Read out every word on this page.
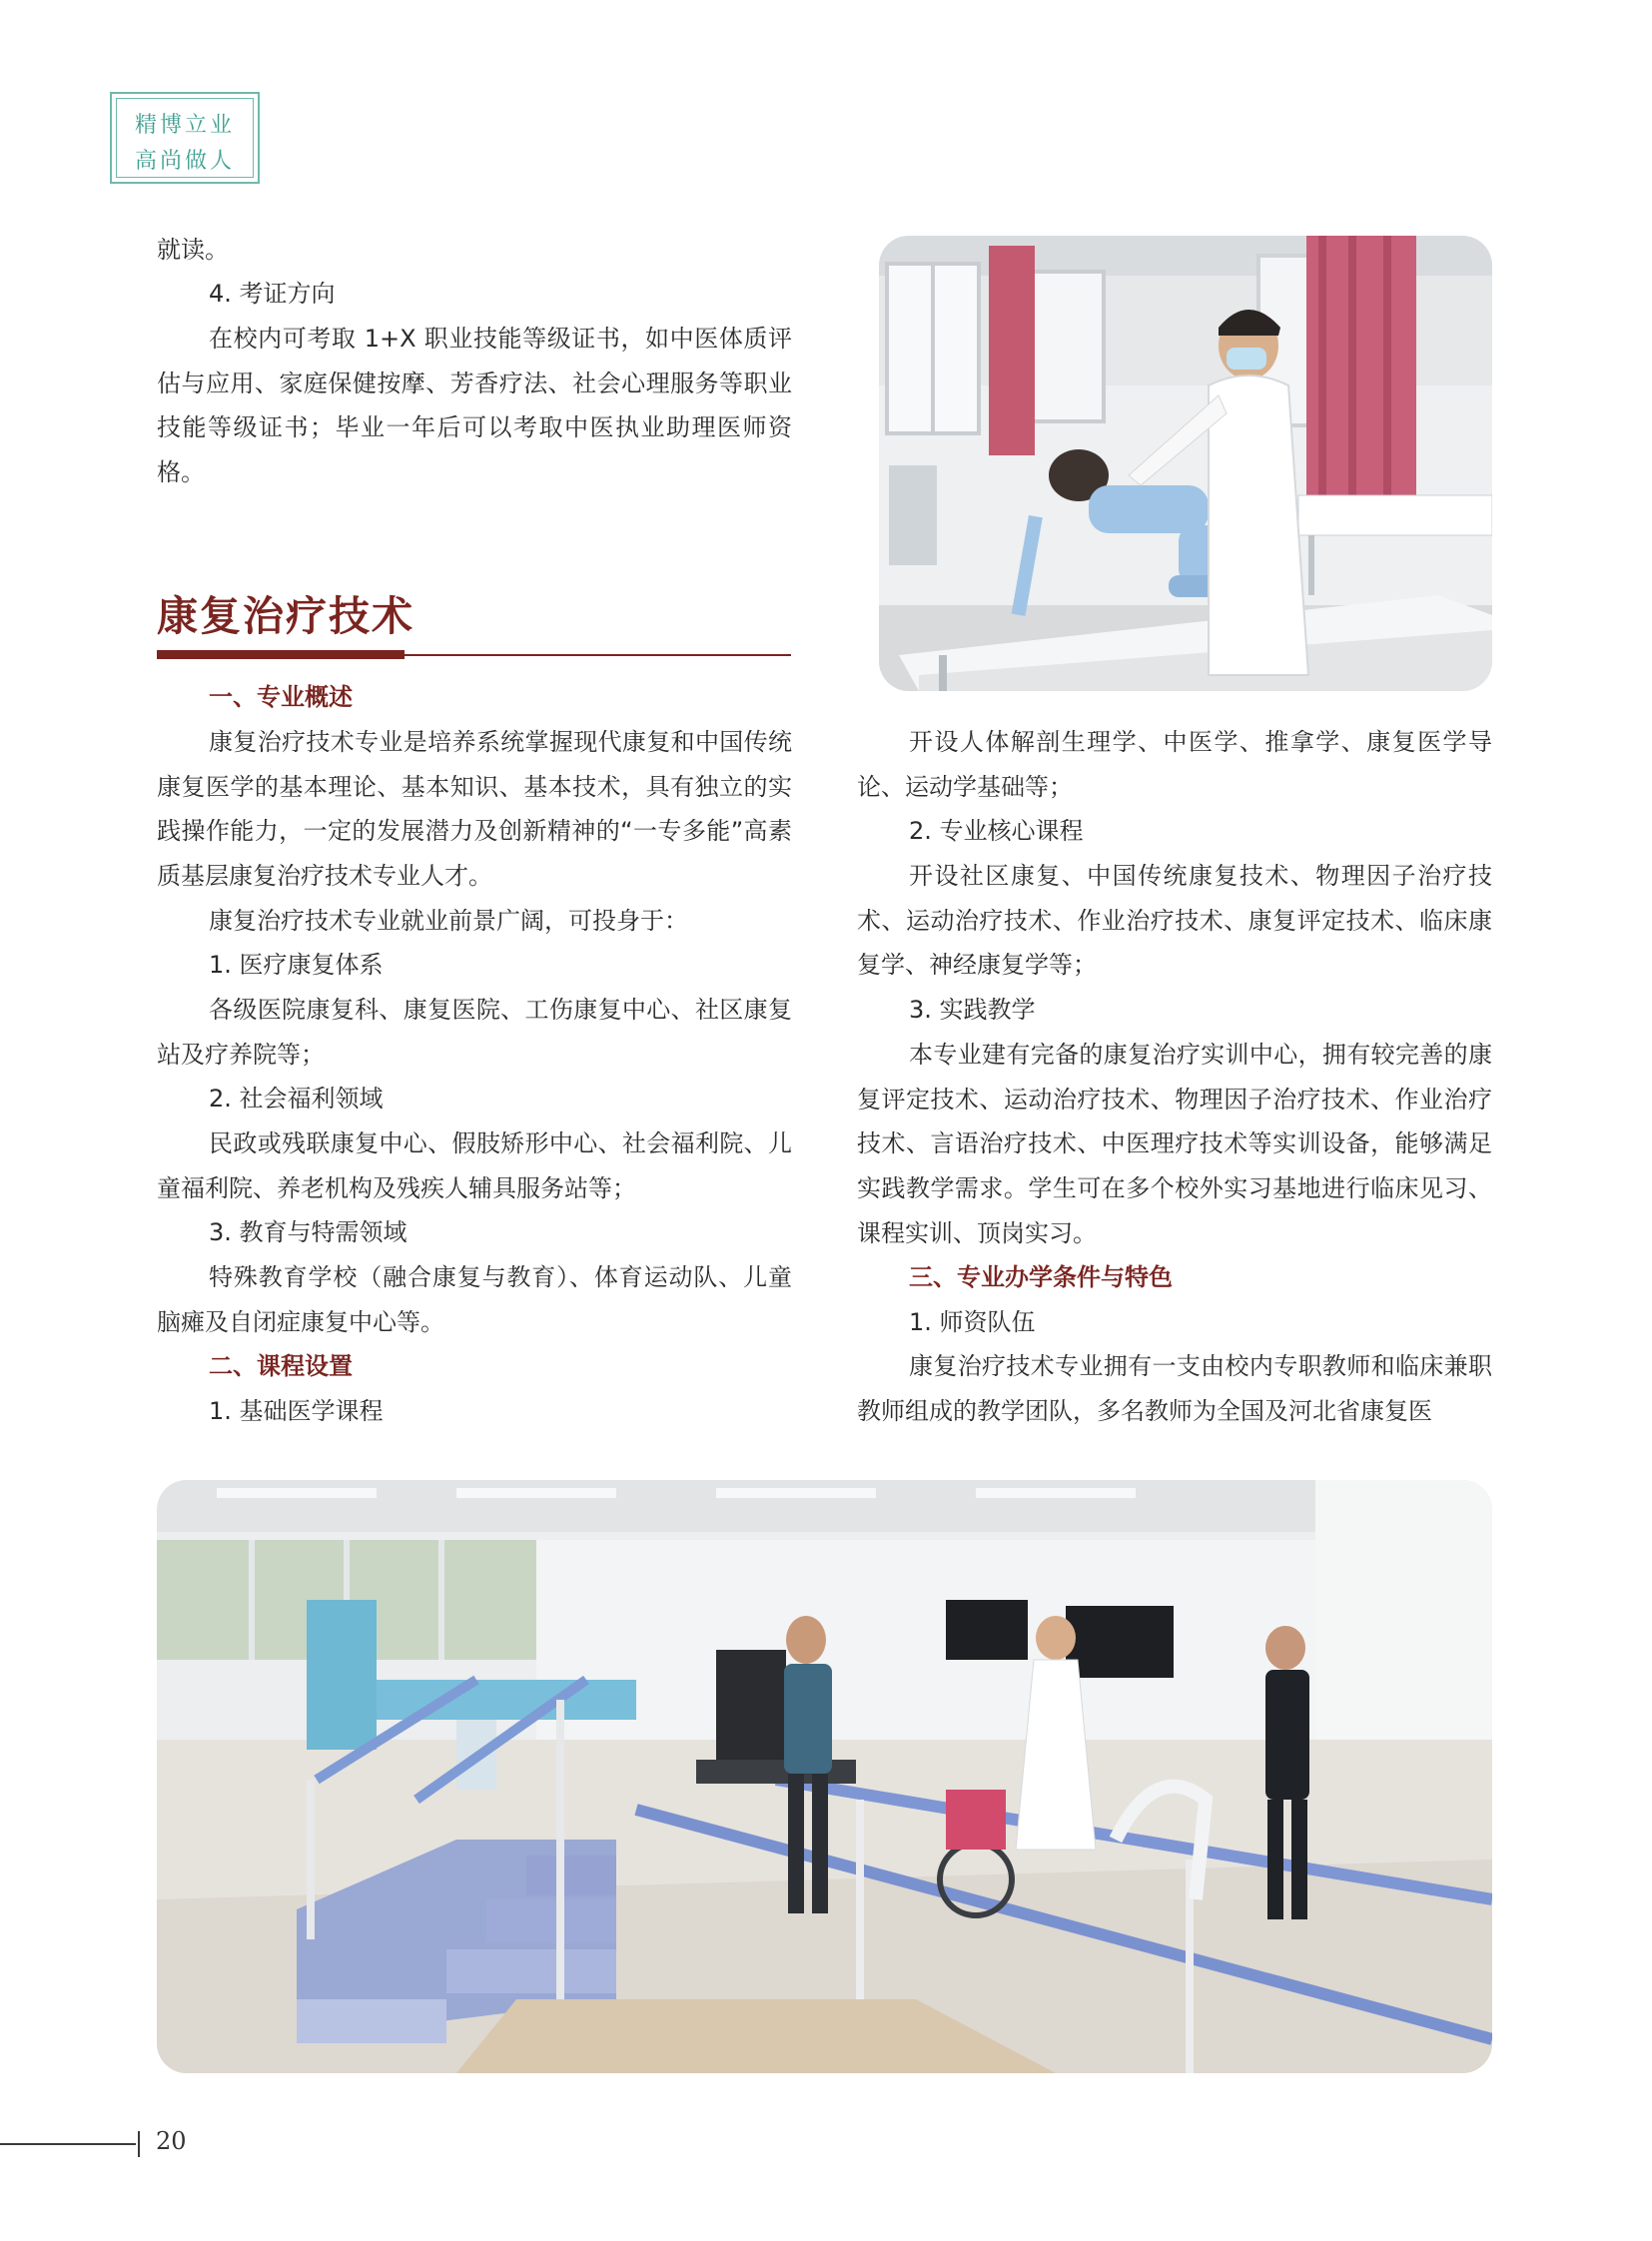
精博立业
高尚做人

就读。

4. 考证方向

在校内可考取 1+X 职业技能等级证书，如中医体质评估与应用、家庭保健按摩、芳香疗法、社会心理服务等职业技能等级证书；毕业一年后可以考取中医执业助理医师资格。

康复治疗技术

一、专业概述

康复治疗技术专业是培养系统掌握现代康复和中国传统康复医学的基本理论、基本知识、基本技术，具有独立的实践操作能力，一定的发展潜力及创新精神的“一专多能”高素质基层康复治疗技术专业人才。

康复治疗技术专业就业前景广阔，可投身于：

1. 医疗康复体系

各级医院康复科、康复医院、工伤康复中心、社区康复站及疗养院等；

2. 社会福利领域

民政或残联康复中心、假肢矫形中心、社会福利院、儿童福利院、养老机构及残疾人辅具服务站等；

3. 教育与特需领域

特殊教育学校（融合康复与教育）、体育运动队、儿童脑瘫及自闭症康复中心等。

二、课程设置

1. 基础医学课程

开设人体解剖生理学、中医学、推拿学、康复医学导论、运动学基础等；

2. 专业核心课程

开设社区康复、中国传统康复技术、物理因子治疗技术、运动治疗技术、作业治疗技术、康复评定技术、临床康复学、神经康复学等；

3. 实践教学

本专业建有完备的康复治疗实训中心，拥有较完善的康复评定技术、运动治疗技术、物理因子治疗技术、作业治疗技术、言语治疗技术、中医理疗技术等实训设备，能够满足实践教学需求。学生可在多个校外实习基地进行临床见习、课程实训、顶岗实习。

三、专业办学条件与特色

1. 师资队伍

康复治疗技术专业拥有一支由校内专职教师和临床兼职教师组成的教学团队，多名教师为全国及河北省康复医

20
